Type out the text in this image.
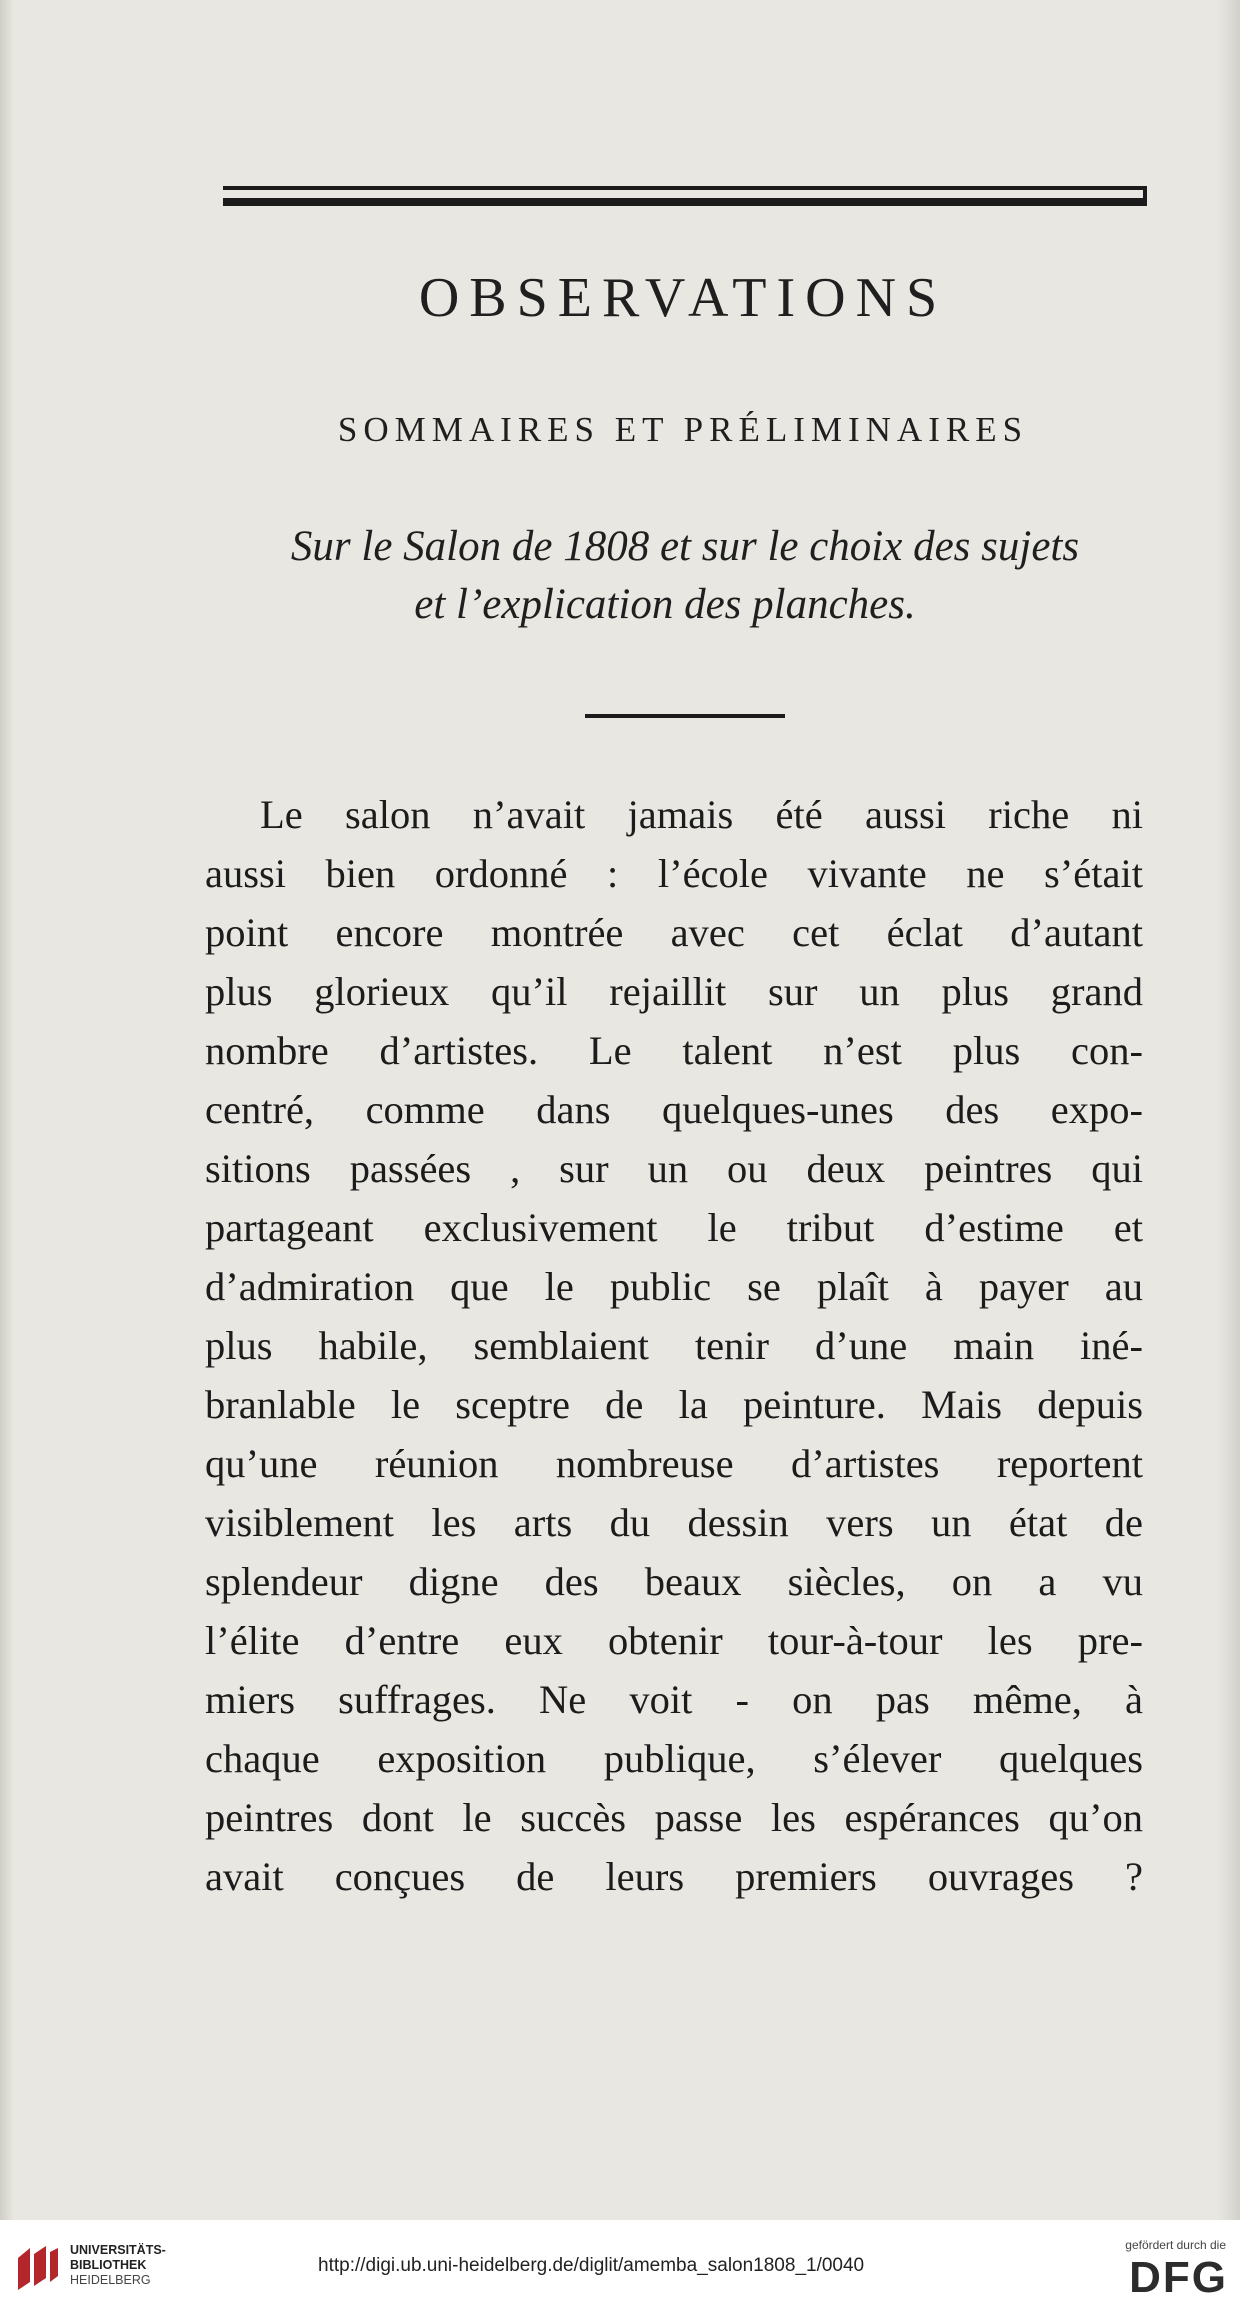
OBSERVATIONS
SOMMAIRES ET PRÉLIMINAIRES
Sur le Salon de 1808 et sur le choix des sujets
et l’explication des planches.
Le salon n’avait jamais été aussi riche ni
aussi bien ordonné : l’école vivante ne s’était
point encore montrée avec cet éclat d’autant
plus glorieux qu’il rejaillit sur un plus grand
nombre d’artistes. Le talent n’est plus con-
centré, comme dans quelques-unes des expo-
sitions passées , sur un ou deux peintres qui
partageant exclusivement le tribut d’estime et
d’admiration que le public se plaît à payer au
plus habile, semblaient tenir d’une main iné-
branlable le sceptre de la peinture. Mais depuis
qu’une réunion nombreuse d’artistes reportent
visiblement les arts du dessin vers un état de
splendeur digne des beaux siècles, on a vu
l’élite d’entre eux obtenir tour-à-tour les pre-
miers suffrages. Ne voit - on pas même, à
chaque exposition publique, s’élever quelques
peintres dont le succès passe les espérances qu’on
avait conçues de leurs premiers ouvrages ?
UNIVERSITÄTS-
BIBLIOTHEK
HEIDELBERG
http://digi.ub.uni-heidelberg.de/diglit/amemba_salon1808_1/0040
gefördert durch die
DFG
